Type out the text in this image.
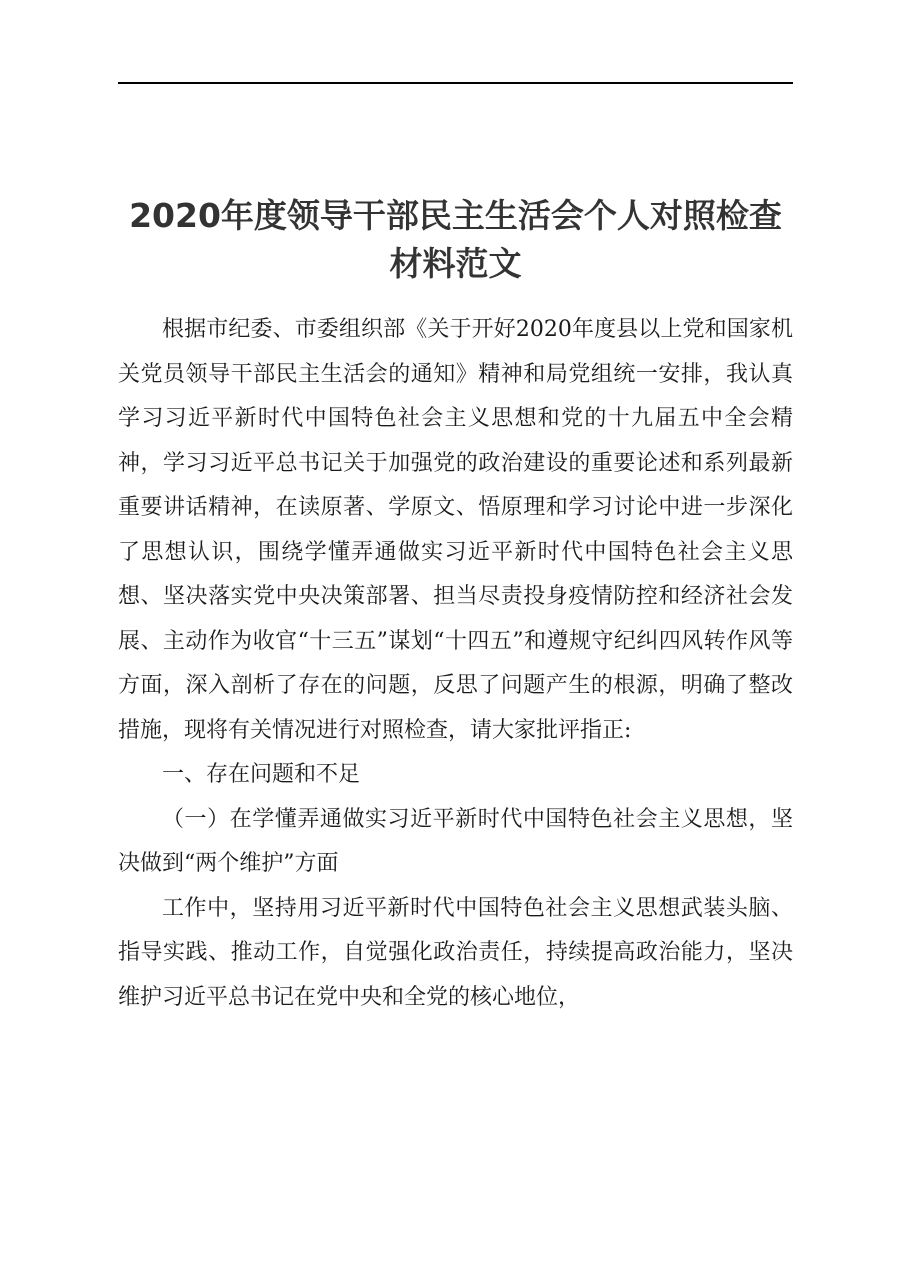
2020年度领导干部民主生活会个人对照检查
材料范文

根据市纪委、市委组织部《关于开好2020年度县以上党和国家机关党员领导干部民主生活会的通知》精神和局党组统一安排，我认真学习习近平新时代中国特色社会主义思想和党的十九届五中全会精神，学习习近平总书记关于加强党的政治建设的重要论述和系列最新重要讲话精神，在读原著、学原文、悟原理和学习讨论中进一步深化了思想认识，围绕学懂弄通做实习近平新时代中国特色社会主义思想、坚决落实党中央决策部署、担当尽责投身疫情防控和经济社会发展、主动作为收官“十三五”谋划“十四五”和遵规守纪纠四风转作风等方面，深入剖析了存在的问题，反思了问题产生的根源，明确了整改措施，现将有关情况进行对照检查，请大家批评指正:

一、存在问题和不足

（一）在学懂弄通做实习近平新时代中国特色社会主义思想，坚决做到“两个维护”方面

工作中，坚持用习近平新时代中国特色社会主义思想武装头脑、指导实践、推动工作，自觉强化政治责任，持续提高政治能力，坚决维护习近平总书记在党中央和全党的核心地位，
